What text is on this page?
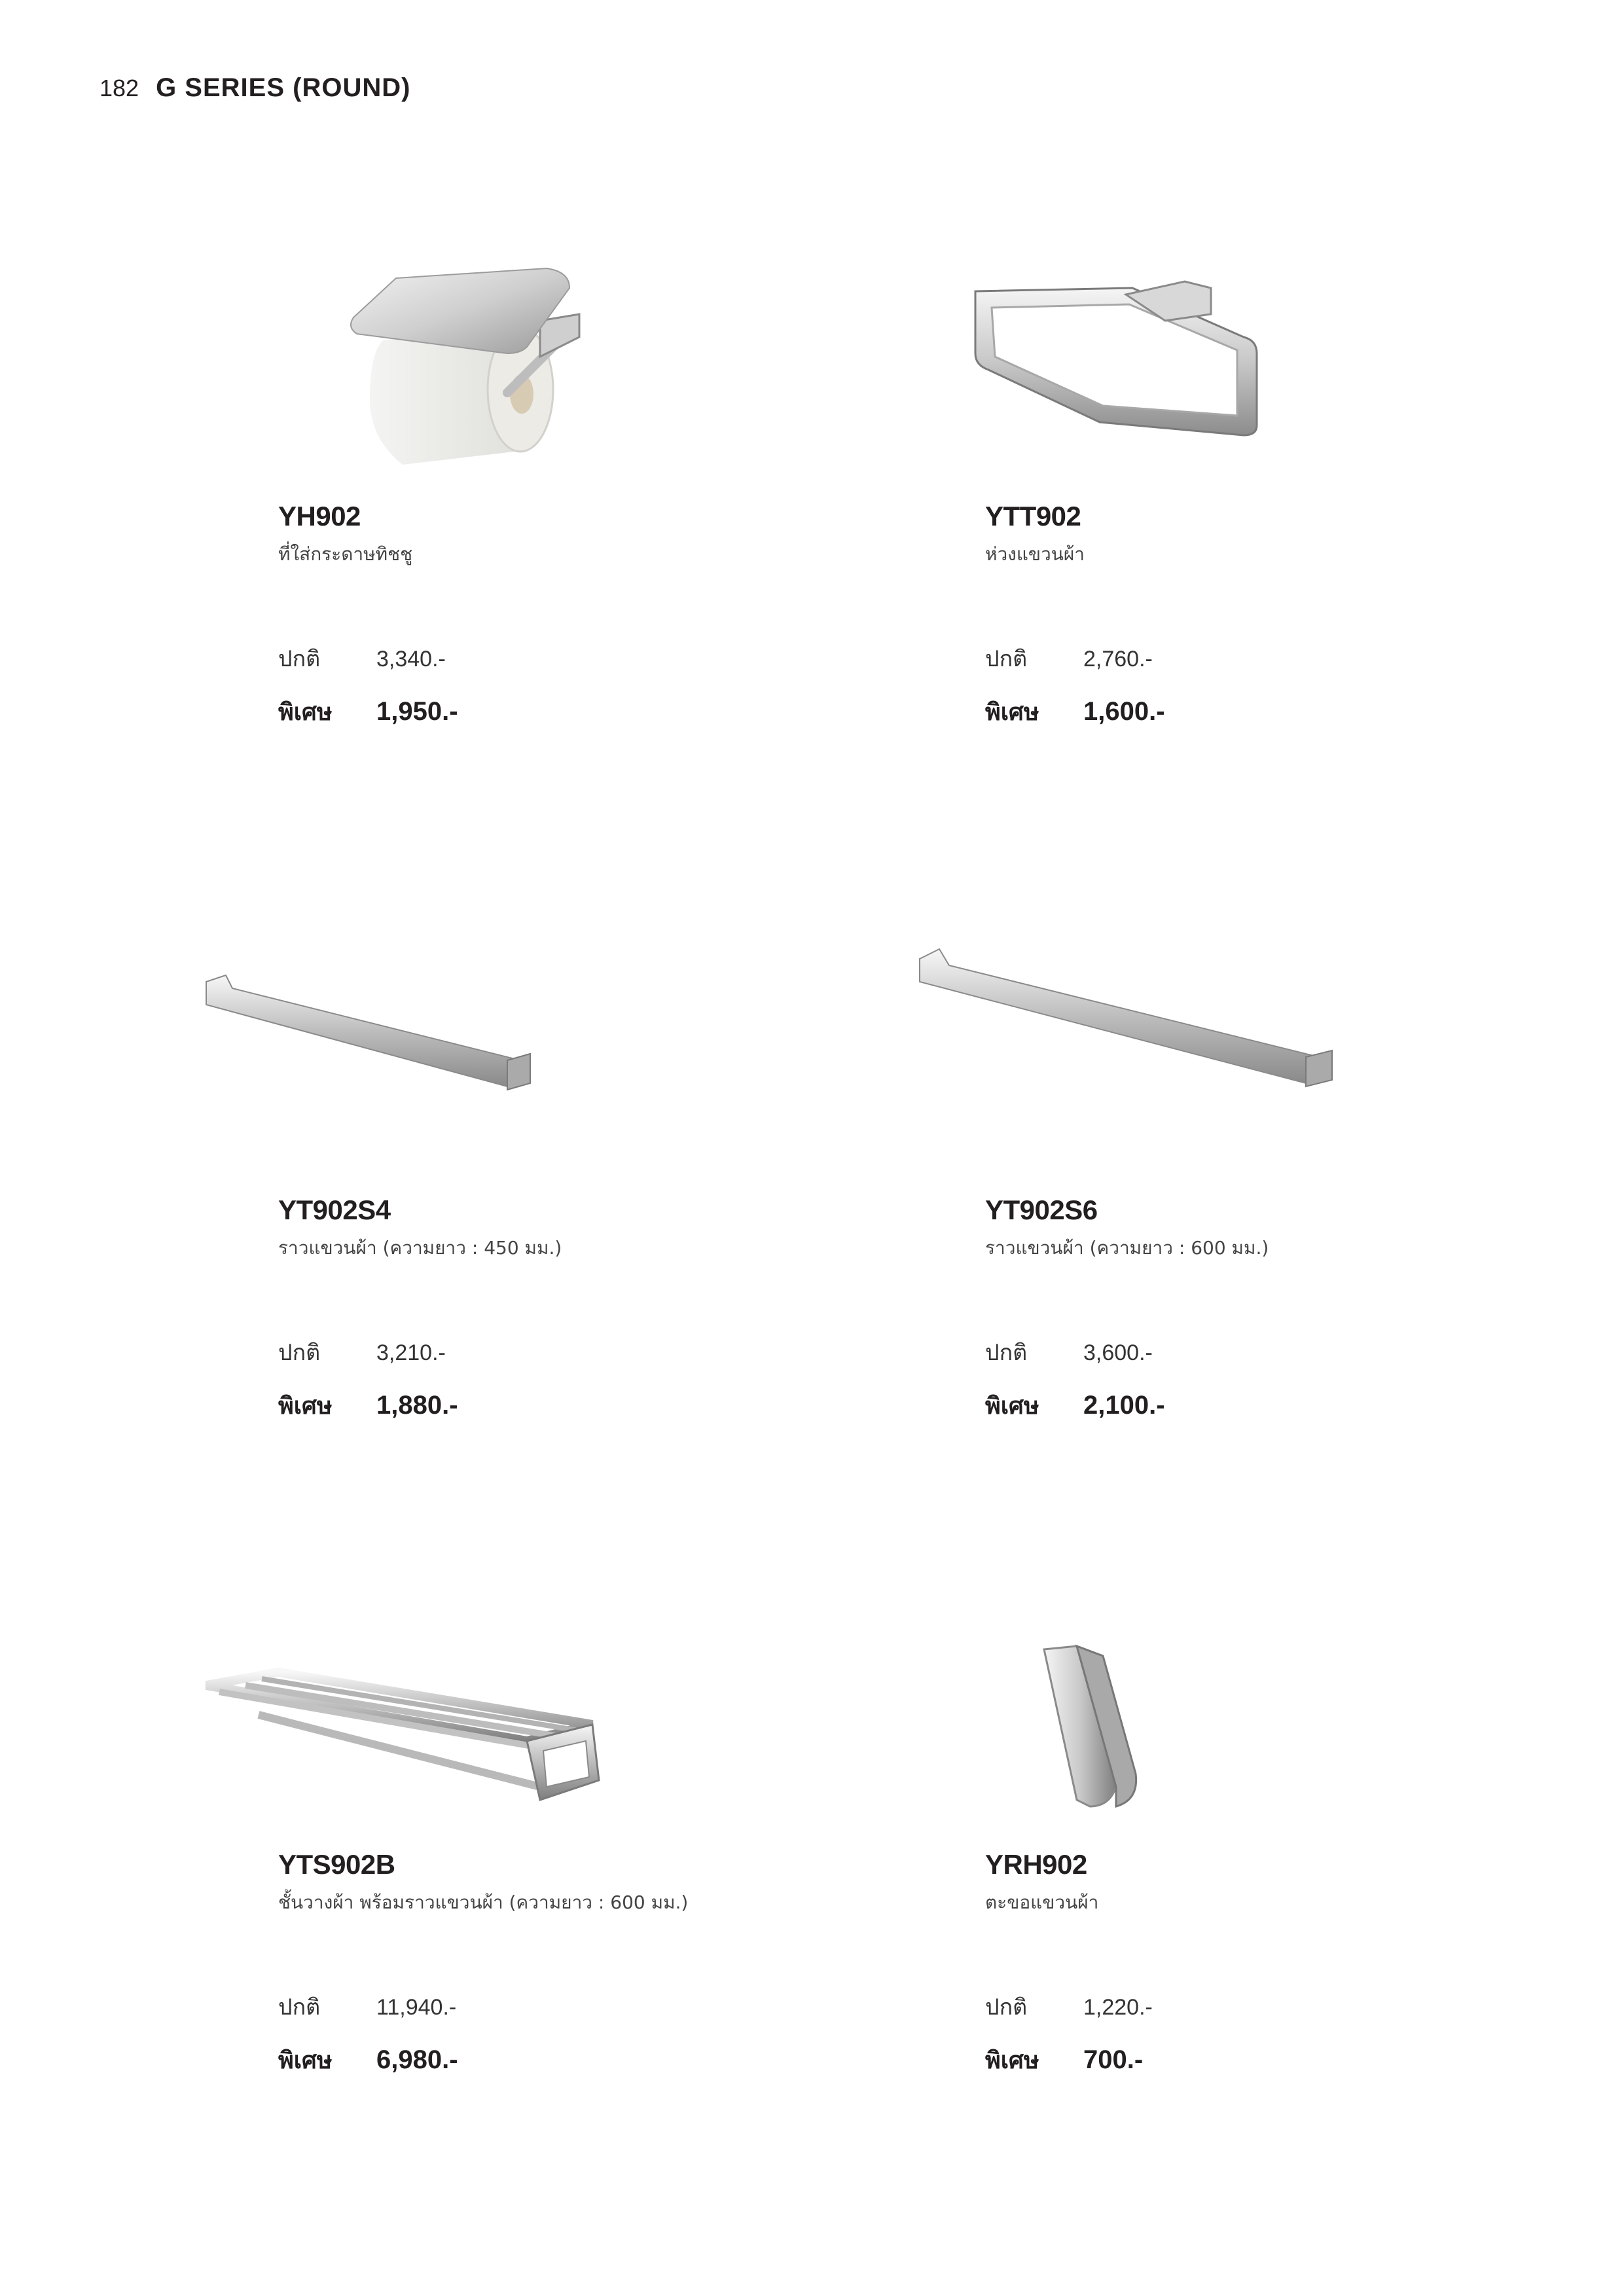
182 G SERIES (ROUND)
YH902
ที่ใส่กระดาษทิชชู
ปกติ	3,340.-
พิเศษ	1,950.-
YTT902
ห่วงแขวนผ้า
ปกติ	2,760.-
พิเศษ	1,600.-
YT902S4
ราวแขวนผ้า (ความยาว : 450 มม.)
ปกติ	3,210.-
พิเศษ	1,880.-
YT902S6
ราวแขวนผ้า (ความยาว : 600 มม.)
ปกติ	3,600.-
พิเศษ	2,100.-
YTS902B
ชั้นวางผ้า พร้อมราวแขวนผ้า (ความยาว : 600 มม.)
ปกติ	11,940.-
พิเศษ	6,980.-
YRH902
ตะขอแขวนผ้า
ปกติ	1,220.-
พิเศษ	700.-
